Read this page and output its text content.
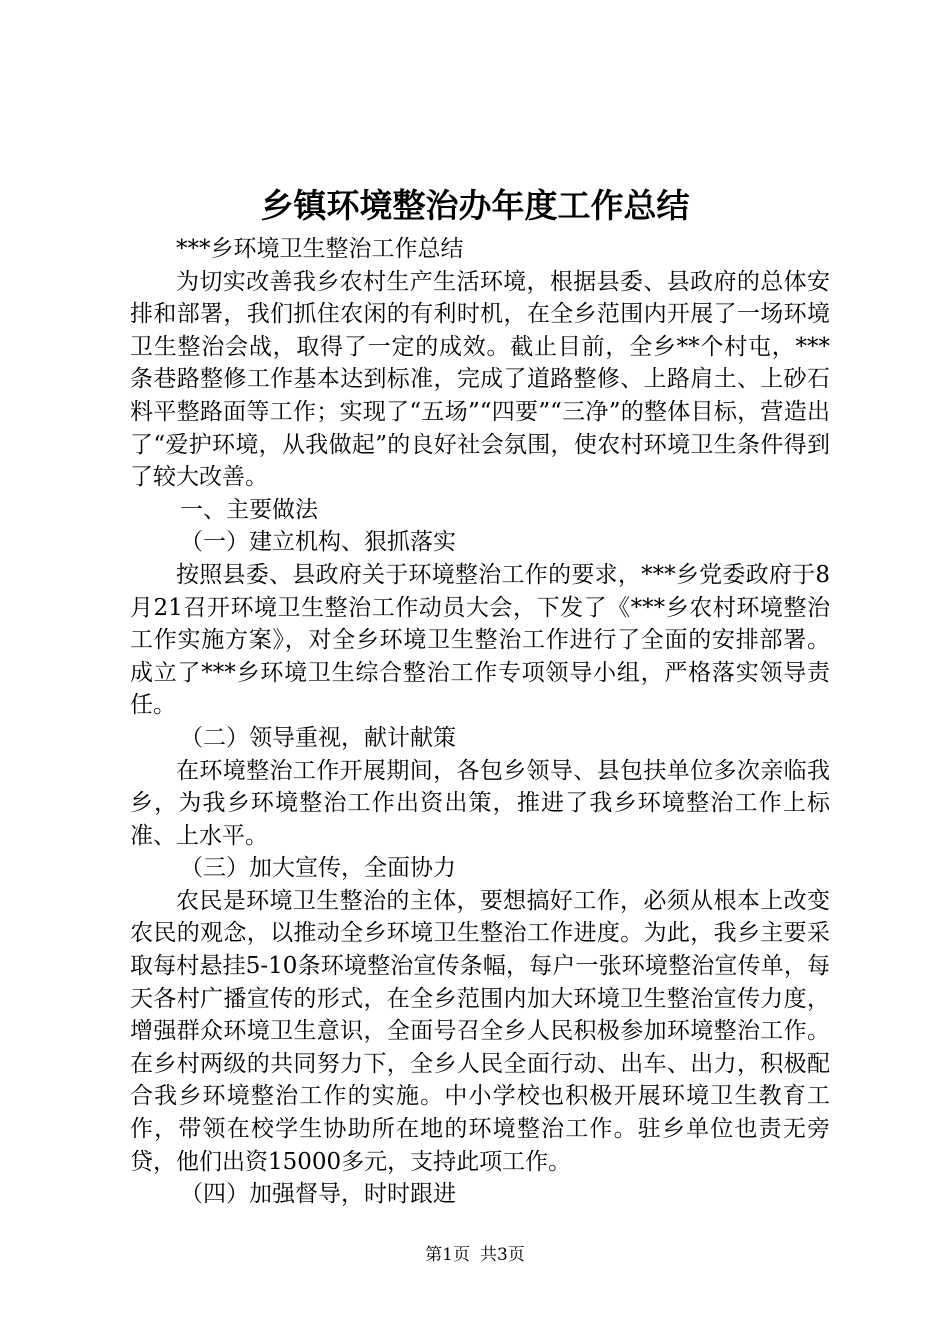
乡镇环境整治办年度工作总结

***乡环境卫生整治工作总结

为切实改善我乡农村生产生活环境，根据县委、县政府的总体安排和部署，我们抓住农闲的有利时机，在全乡范围内开展了一场环境卫生整治会战，取得了一定的成效。截止目前，全乡**个村屯，***条巷路整修工作基本达到标准，完成了道路整修、上路肩土、上砂石料平整路面等工作；实现了“五场”“四要”“三净”的整体目标，营造出了“爱护环境，从我做起”的良好社会氛围，使农村环境卫生条件得到了较大改善。

一、主要做法

（一）建立机构、狠抓落实

按照县委、县政府关于环境整治工作的要求，***乡党委政府于8月21召开环境卫生整治工作动员大会，下发了《***乡农村环境整治工作实施方案》，对全乡环境卫生整治工作进行了全面的安排部署。成立了***乡环境卫生综合整治工作专项领导小组，严格落实领导责任。

（二）领导重视，献计献策

在环境整治工作开展期间，各包乡领导、县包扶单位多次亲临我乡，为我乡环境整治工作出资出策，推进了我乡环境整治工作上标准、上水平。

（三）加大宣传，全面协力

农民是环境卫生整治的主体，要想搞好工作，必须从根本上改变农民的观念，以推动全乡环境卫生整治工作进度。为此，我乡主要采取每村悬挂5-10条环境整治宣传条幅，每户一张环境整治宣传单，每天各村广播宣传的形式，在全乡范围内加大环境卫生整治宣传力度，增强群众环境卫生意识，全面号召全乡人民积极参加环境整治工作。在乡村两级的共同努力下，全乡人民全面行动、出车、出力，积极配合我乡环境整治工作的实施。中小学校也积极开展环境卫生教育工作，带领在校学生协助所在地的环境整治工作。驻乡单位也责无旁贷，他们出资15000多元，支持此项工作。

（四）加强督导，时时跟进

第1页 共3页
